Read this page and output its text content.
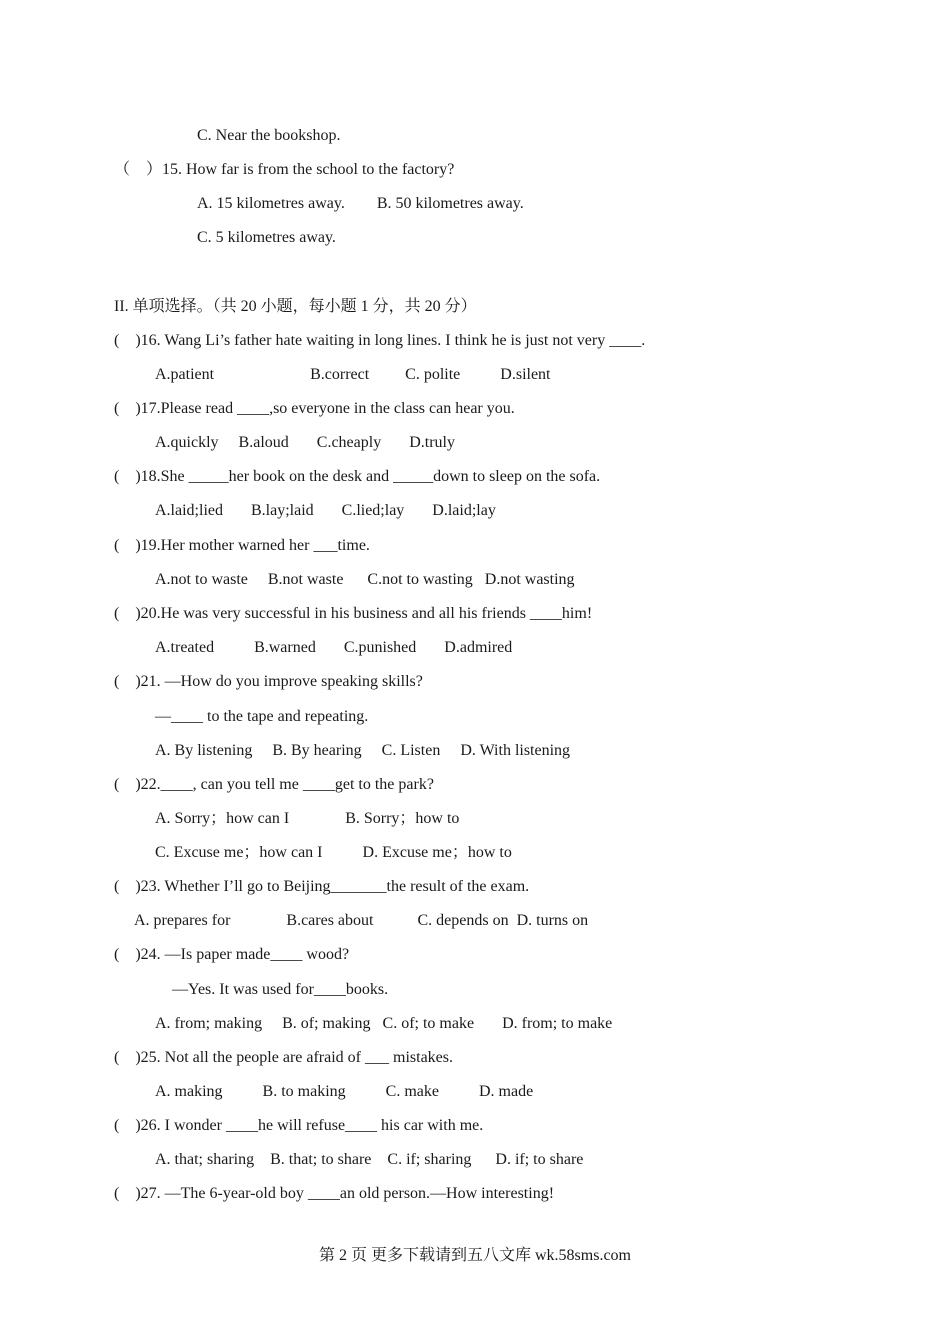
C. Near the bookshop.
（    ）15. How far is from the school to the factory?
A. 15 kilometres away.        B. 50 kilometres away.
C. 5 kilometres away.
II. 单项选择。（共 20 小题，每小题 1 分，共 20 分）
(    )16. Wang Li’s father hate waiting in long lines. I think he is just not very ____.
A.patient                        B.correct         C. polite          D.silent
(    )17.Please read ____,so everyone in the class can hear you.
A.quickly     B.aloud       C.cheaply       D.truly
(    )18.She _____her book on the desk and _____down to sleep on the sofa.
A.laid;lied       B.lay;laid       C.lied;lay       D.laid;lay
(    )19.Her mother warned her ___time.
A.not to waste     B.not waste      C.not to wasting   D.not wasting
(    )20.He was very successful in his business and all his friends ____him!
A.treated          B.warned       C.punished       D.admired
(    )21. —How do you improve speaking skills?
—____ to the tape and repeating.
A. By listening     B. By hearing     C. Listen     D. With listening
(    )22.____, can you tell me ____get to the park?
A. Sorry；how can I              B. Sorry；how to
C. Excuse me；how can I          D. Excuse me；how to
(    )23. Whether I’ll go to Beijing_______the result of the exam.
A. prepares for              B.cares about           C. depends on  D. turns on
(    )24. —Is paper made____ wood?
—Yes. It was used for____books.
A. from; making     B. of; making   C. of; to make       D. from; to make
(    )25. Not all the people are afraid of ___ mistakes.
A. making          B. to making          C. make          D. made
(    )26. I wonder ____he will refuse____ his car with me.
A. that; sharing    B. that; to share    C. if; sharing      D. if; to share
(    )27. —The 6-year-old boy ____an old person.—How interesting!
第 2 页 更多下载请到五八文库 wk.58sms.com
